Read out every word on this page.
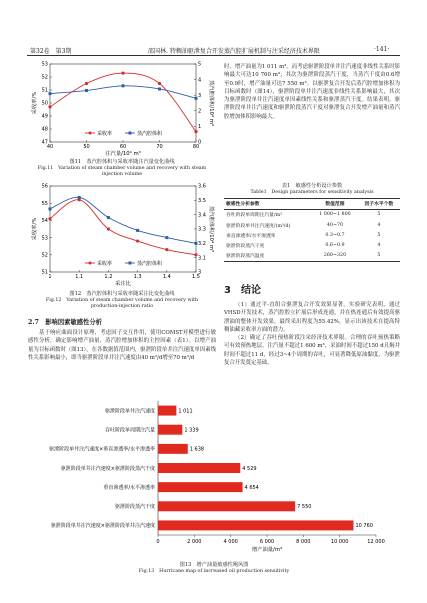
第32卷　第3期	邵国林. 特稠油驱泄复合开发蒸汽腔扩展机制与注采经济技术界限	·141·
40	50	60	70	80
47
48
49
50
51
52
53
0
1
2
3
4
5
注汽量/10⁴ m³
采收率/%	蒸汽腔体积/10⁴ m³
采收率	蒸汽腔体积
图11　蒸汽腔体积与采收率随注汽量变化曲线
Fig.11　Variation of steam chamber volume and recovery with steam injection volume
1	1.1	1.2	1.3	1.4	1.5
51
52
53
54
55
56
3
3.1
3.2
3.3
3.4
3.5
3.6
采注比
采收率/%	蒸汽腔体积/10⁴ m³
采收率	蒸汽腔体积
图12　蒸汽腔体积与采收率随采注比变化曲线
Fig.12　Variation of steam chamber volume and recovery with production-injection ratio
2.7　影响因素敏感性分析
基于响应曲面设计原理，考虑因子交互作用，使用COMST对模型进行敏感性分析，确定影响增产油量、蒸汽腔增加体积的主控因素（表1）。以增产油量为目标函数时（图13），在各数据值范围内，驱泄阶段单井注汽速度单因素线性关系影响最小，即当驱泄阶段单井注汽速度由40 m³/d增至70 m³/d
时，增产油量为1 011 m³。而考虑驱泄阶段单井注汽速度非线性关系时影响最大可达10 760 m³；其次为驱泄阶段蒸汽干度，当蒸汽干度由0.6增至0.9时，增产油量可达7 550 m³。以驱泄复合开发后蒸汽腔增加体积为目标函数时（图14），驱泄阶段单井注汽速度非线性关系影响最大，其次为驱泄阶段单井注汽速度单因素线性关系和驱泄蒸汽干度。结果表明，驱泄阶段单井注汽速度和驱泄阶段蒸汽干度对驱泄复合开发增产油量和蒸汽腔增加体积影响最大。
表1　敏感性分析设计参数
Table1　Design parameters for sensitivity analysis
敏感性分析参数	数值范围	因子水平个数
吞吐阶段单周期注汽量/m³	1 000~1 800	5
驱泄阶段单井注汽速度/(m³/d)	40~70	4
垂直渗透率/水平渗透率	0.3~0.7	5
驱泄阶段蒸汽干度	0.6~0.9	4
驱泄阶段蒸汽温度	260~320	5
3　结论
（1）通过平-直组合驱泄复合开发效果显著。实验研究表明，通过VHSD开发技术，蒸汽腔腔立扩展后形成连通，并在热连通后有效提高驱泄油的整体开发效果，最终采出程度为55.42%，显示出该技术在提高特稠油藏采收率方面的潜力。
（2）确定了吞吐预热阶段注采经济技术界限。合理的吞吐预热策略可有效预热地层，注汽量不超过1 600 m³，采油时间不超过150 d且焖井时间不超过11 d，经过3~4个周期的吞吐，可显著降低原油黏度，为驱泄复合开发奠定基础。
0	2 000	4 000	6 000	8 000	10 000	12 000
增产油量/m³
1 011
驱泄阶段单井注汽速度
1 339
吞吐阶段单周期注汽量
1 638
驱泄阶段单井注汽速度×垂直渗透率/水平渗透率
4 529
驱泄阶段单井注汽速度×驱泄阶段蒸汽干度
4 654
垂直渗透率/水平渗透率
7 550
驱泄阶段蒸汽干度
10 760
驱泄阶段单井注汽速度×驱泄阶段单井注汽速度
图13　增产油量敏感性飓风图
Fig.13　Hurricane map of increased oil production sensitivity
